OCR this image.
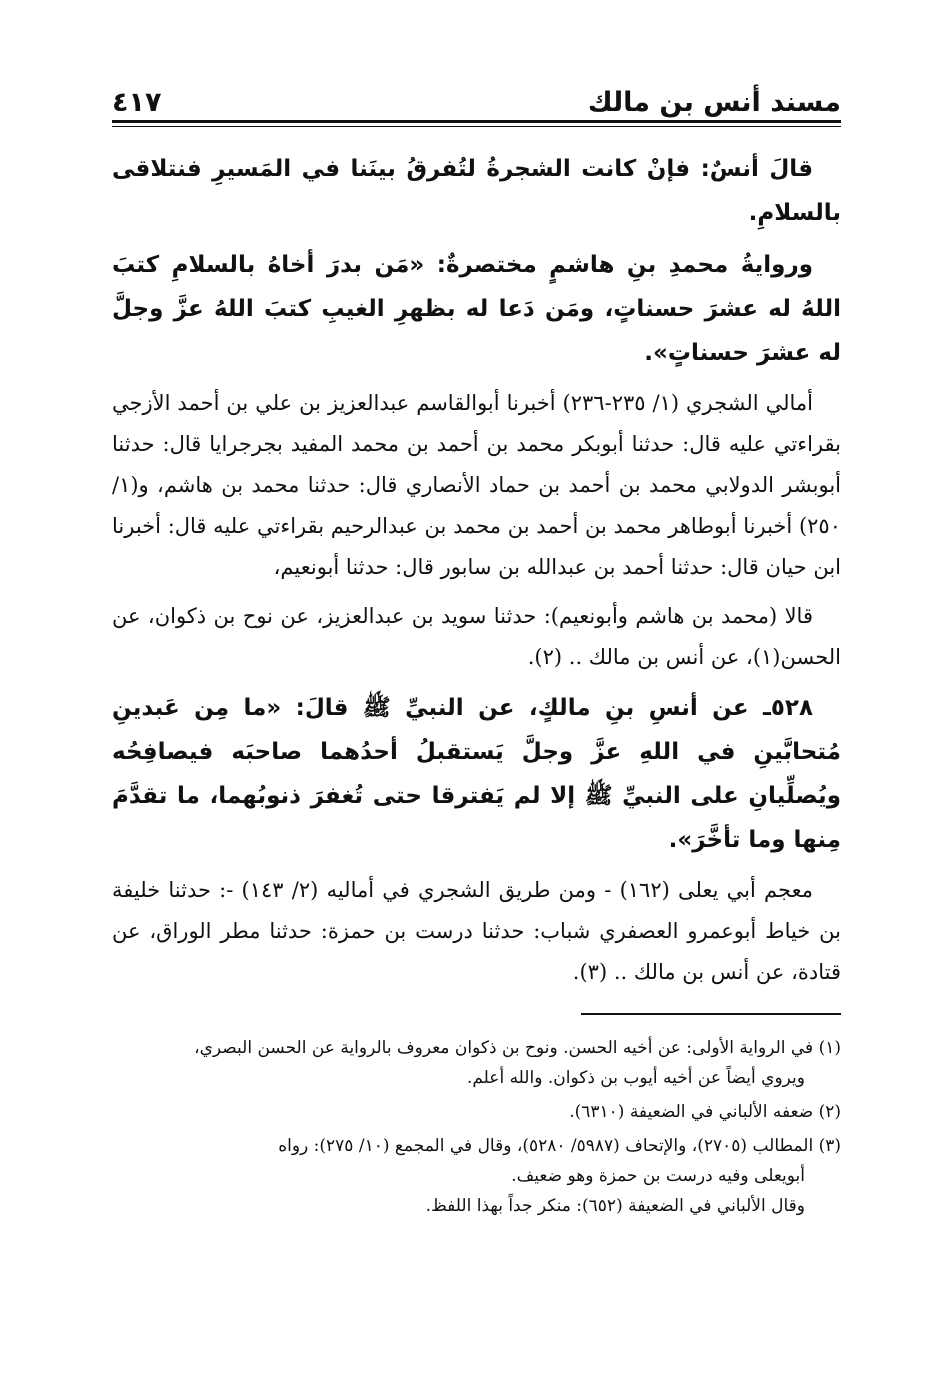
مسند أنس بن مالك
٤١٧

قالَ أنسٌ: فإنْ كانت الشجرةُ لتُفرقُ بينَنا في المَسيرِ فنتلاقى بالسلامِ.

وروايةُ محمدِ بنِ هاشمٍ مختصرةٌ: «مَن بدرَ أخاهُ بالسلامِ كتبَ اللهُ له عشرَ حسناتٍ، ومَن دَعا له بظهرِ الغيبِ كتبَ اللهُ عزَّ وجلَّ له عشرَ حسناتٍ».

أمالي الشجري (١/ ٢٣٥-٢٣٦) أخبرنا أبوالقاسم عبدالعزيز بن علي بن أحمد الأزجي بقراءتي عليه قال: حدثنا أبوبكر محمد بن أحمد بن محمد المفيد بجرجرايا قال: حدثنا أبوبشر الدولابي محمد بن أحمد بن حماد الأنصاري قال: حدثنا محمد بن هاشم، و(١/ ٢٥٠) أخبرنا أبوطاهر محمد بن أحمد بن محمد بن عبدالرحيم بقراءتي عليه قال: أخبرنا ابن حيان قال: حدثنا أحمد بن عبدالله بن سابور قال: حدثنا أبونعيم،

قالا (محمد بن هاشم وأبونعيم): حدثنا سويد بن عبدالعزيز، عن نوح بن ذكوان، عن الحسن(١)، عن أنس بن مالك .. (٢).

٥٢٨ـ عن أنسِ بنِ مالكٍ، عن النبيِّ ﷺ قالَ: «ما مِن عَبدينِ مُتحابَّينِ في اللهِ عزَّ وجلَّ يَستقبلُ أحدُهما صاحبَه فيصافِحُه ويُصلِّيانِ على النبيِّ ﷺ إلا لم يَفترقا حتى تُغفرَ ذنوبُهما، ما تقدَّمَ مِنها وما تأخَّرَ».

معجم أبي يعلى (١٦٢) - ومن طريق الشجري في أماليه (٢/ ١٤٣) -: حدثنا خليفة بن خياط أبوعمرو العصفري شباب: حدثنا درست بن حمزة: حدثنا مطر الوراق، عن قتادة، عن أنس بن مالك .. (٣).

(١) في الرواية الأولى: عن أخيه الحسن. ونوح بن ذكوان معروف بالرواية عن الحسن البصري،
ويروي أيضاً عن أخيه أيوب بن ذكوان. والله أعلم.

(٢) ضعفه الألباني في الضعيفة (٦٣١٠).

(٣) المطالب (٢٧٠٥)، والإتحاف (٥٩٨٧/ ٥٢٨٠)، وقال في المجمع (١٠/ ٢٧٥): رواه
أبويعلى وفيه درست بن حمزة وهو ضعيف.
وقال الألباني في الضعيفة (٦٥٢): منكر جداً بهذا اللفظ.
